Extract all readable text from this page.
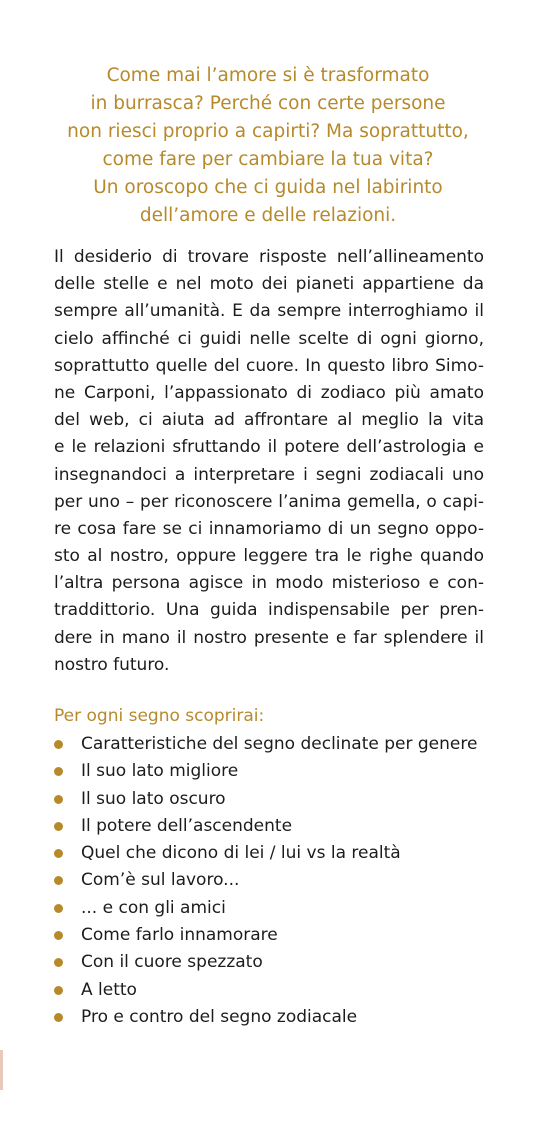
Come mai l’amore si è trasformato
in burrasca? Perché con certe persone
non riesci proprio a capirti? Ma soprattutto,
come fare per cambiare la tua vita?
Un oroscopo che ci guida nel labirinto
dell’amore e delle relazioni.
Il desiderio di trovare risposte nell’allineamento
delle stelle e nel moto dei pianeti appartiene da
sempre all’umanità. E da sempre interroghiamo il
cielo affinché ci guidi nelle scelte di ogni giorno,
soprattutto quelle del cuore. In questo libro Simo-
ne Carponi, l’appassionato di zodiaco più amato
del web, ci aiuta ad affrontare al meglio la vita
e le relazioni sfruttando il potere dell’astrologia e
insegnandoci a interpretare i segni zodiacali uno
per uno – per riconoscere l’anima gemella, o capi-
re cosa fare se ci innamoriamo di un segno oppo-
sto al nostro, oppure leggere tra le righe quando
l’altra persona agisce in modo misterioso e con-
traddittorio. Una guida indispensabile per pren-
dere in mano il nostro presente e far splendere il
nostro futuro.
Per ogni segno scoprirai:
Caratteristiche del segno declinate per genere
Il suo lato migliore
Il suo lato oscuro
Il potere dell’ascendente
Quel che dicono di lei / lui vs la realtà
Com’è sul lavoro...
... e con gli amici
Come farlo innamorare
Con il cuore spezzato
A letto
Pro e contro del segno zodiacale
